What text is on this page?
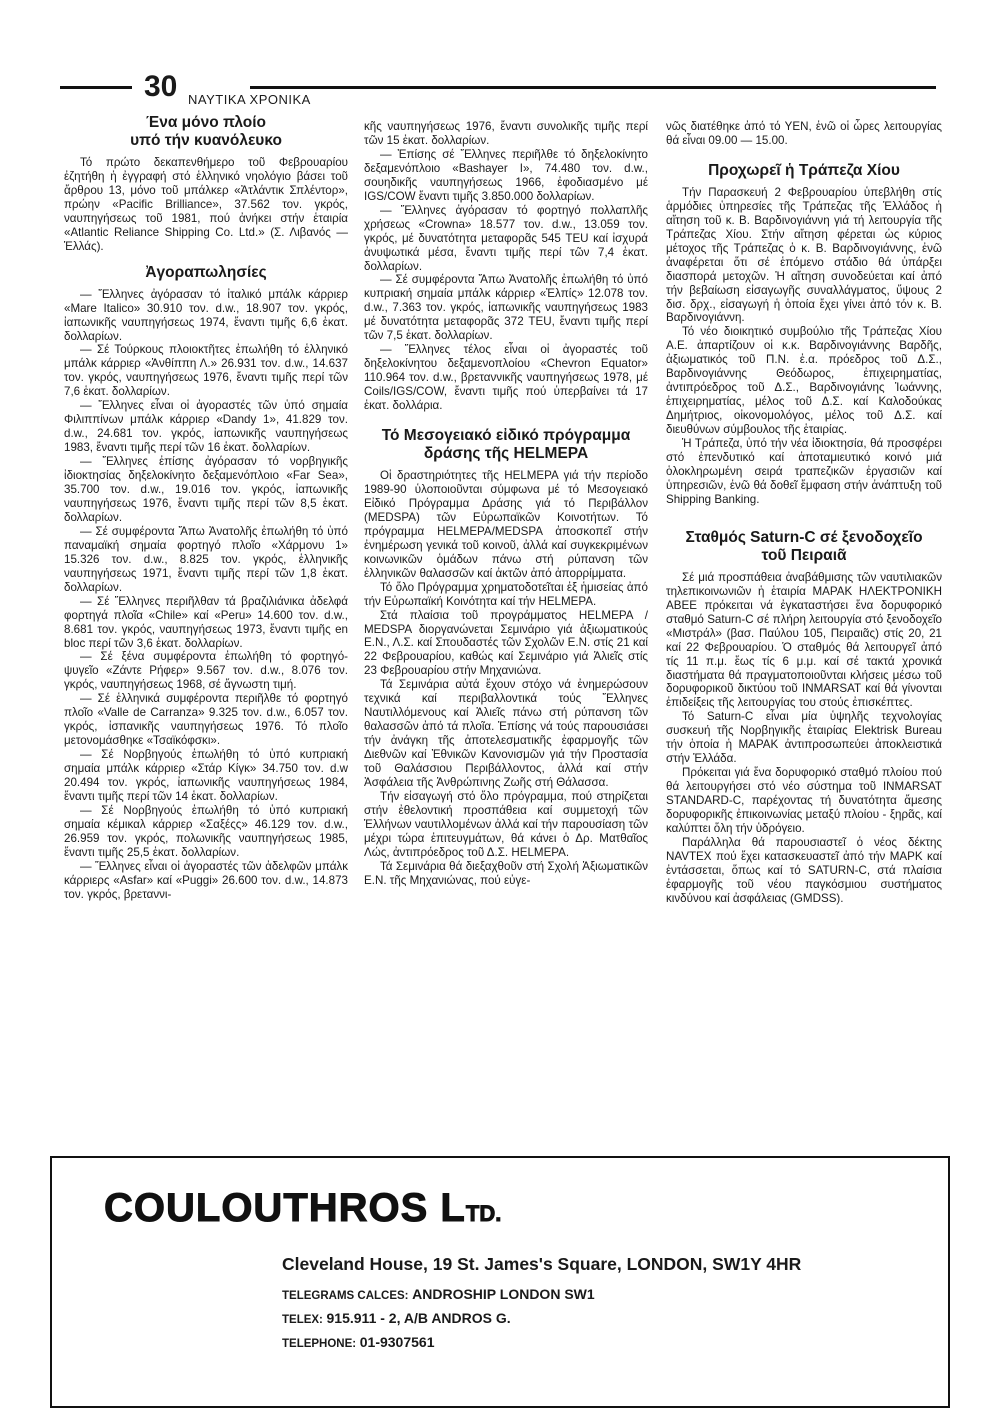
30 ΝΑΥΤΙΚΑ ΧΡΟΝΙΚΑ
Ένα μόνο πλοίο
υπό τήν κυανόλευκο

Τό πρώτο δεκαπενθήμερο τοῦ Φεβρουαρίου ἐζητήθη ἡ ἐγγραφή στό ἑλληνικό νηολόγιο βάσει τοῦ ἄρθρου 13, μόνο τοῦ μπάλκερ «Ἀτλάντικ Σπλέντορ», πρώην «Pacific Brilliance», 37.562 τον. γκρός, ναυπηγήσεως τοῦ 1981, πού ἀνήκει στήν ἑταιρία «Atlantic Reliance Shipping Co. Ltd.» (Σ. Λιβανός — Ἑλλάς).

Ἀγοραπωλησίες

— Ἕλληνες ἀγόρασαν τό ἰταλικό μπάλκ κάρριερ «Mare Italico» 30.910 τον. d.w., 18.907 τον. γκρός, ἰαπωνικῆς ναυπηγήσεως 1974, ἔναντι τιμῆς 6,6 ἑκατ. δολλαρίων.

— Σέ Τούρκους πλοιοκτῆτες ἐπωλήθη τό ἑλληνικό μπάλκ κάρριερ «Ἀνθίππη Λ.» 26.931 τον. d.w., 14.637 τον. γκρός, ναυπηγήσεως 1976, ἔναντι τιμῆς περί τῶν 7,6 ἑκατ. δολλαρίων.

— Ἕλληνες εἶναι οἱ ἀγοραστές τῶν ὑπό σημαία Φιλιππίνων μπάλκ κάρριερ «Dandy 1», 41.829 τον. d.w., 24.681 τον. γκρός, ἰαπωνικῆς ναυπηγήσεως 1983, ἔναντι τιμῆς περί τῶν 16 ἑκατ. δολλαρίων.

— Ἕλληνες ἐπίσης ἀγόρασαν τό νορβηγικῆς ἰδιοκτησίας δηξελοκίνητο δεξαμενόπλοιο «Far Sea», 35.700 τον. d.w., 19.016 τον. γκρός, ἰαπωνικῆς ναυπηγήσεως 1976, ἔναντι τιμῆς περί τῶν 8,5 ἑκατ. δολλαρίων.

— Σέ συμφέροντα Ἄπω Ἀνατολῆς ἐπωλήθη τό ὑπό παναμαϊκή σημαία φορτηγό πλοῖο «Χάρμονυ 1» 15.326 τον. d.w., 8.825 τον. γκρός, ἑλληνικῆς ναυπηγήσεως 1971, ἔναντι τιμῆς περί τῶν 1,8 ἑκατ. δολλαρίων.

— Σέ Ἕλληνες περιῆλθαν τά βραζιλιάνικα ἀδελφά φορτηγά πλοῖα «Chile» καί «Peru» 14.600 τον. d.w., 8.681 τον. γκρός, ναυπηγήσεως 1973, ἔναντι τιμῆς en bloc περί τῶν 3,6 ἑκατ. δολλαρίων.

— Σέ ξένα συμφέροντα ἐπωλήθη τό φορτηγό-ψυγεῖο «Ζάντε Ρήφερ» 9.567 τον. d.w., 8.076 τον. γκρός, ναυπηγήσεως 1968, σέ ἄγνωστη τιμή.

— Σέ ἑλληνικά συμφέροντα περιῆλθε τό φορτηγό πλοῖο «Valle de Carranza» 9.325 τον. d.w., 6.057 τον. γκρός, ἰσπανικῆς ναυπηγήσεως 1976. Τό πλοῖο μετονομάσθηκε «Τσαϊκόφσκι».

— Σέ Νορβηγούς ἐπωλήθη τό ὑπό κυπριακή σημαία μπάλκ κάρριερ «Στάρ Κίγκ» 34.750 τον. d.w 20.494 τον. γκρός, ἰαπωνικῆς ναυπηγήσεως 1984, ἔναντι τιμῆς περί τῶν 14 ἑκατ. δολλαρίων.

— Σέ Νορβηγούς ἐπωλήθη τό ὑπό κυπριακή σημαία κέμικαλ κάρριερ «Σαξέςς» 46.129 τον. d.w., 26.959 τον. γκρός, πολωνικῆς ναυπηγήσεως 1985, ἔναντι τιμῆς 25,5 ἑκατ. δολλαρίων.

— Ἕλληνες εἶναι οἱ ἀγοραστές τῶν ἀδελφῶν μπάλκ κάρριερς «Asfar» καί «Puggi» 26.600 τον. d.w., 14.873 τον. γκρός, βρεταννι-

κῆς ναυπηγήσεως 1976, ἔναντι συνολικῆς τιμῆς περί τῶν 15 ἑκατ. δολλαρίων.

— Ἐπίσης σέ Ἕλληνες περιῆλθε τό δηξελοκίνητο δεξαμενόπλοιο «Bashayer I», 74.480 τον. d.w., σουηδικῆς ναυπηγήσεως 1966, ἐφοδιασμένο μέ IGS/COW ἔναντι τιμῆς 3.850.000 δολλαρίων.

— Ἕλληνες ἀγόρασαν τό φορτηγό πολλαπλῆς χρήσεως «Crowna» 18.577 τον. d.w., 13.059 τον. γκρός, μέ δυνατότητα μεταφορᾶς 545 TEU καί ἰσχυρά ἀνυψωτικά μέσα, ἔναντι τιμῆς περί τῶν 7,4 ἑκατ. δολλαρίων.

— Σέ συμφέροντα Ἄπω Ἀνατολῆς ἐπωλήθη τό ὑπό κυπριακή σημαία μπάλκ κάρριερ «Ἐλπίς» 12.078 τον. d.w., 7.363 τον. γκρός, ἰαπωνικῆς ναυπηγήσεως 1983 μέ δυνατότητα μεταφορᾶς 372 TEU, ἔναντι τιμῆς περί τῶν 7,5 ἑκατ. δολλαρίων.

— Ἕλληνες τέλος εἶναι οἱ ἀγοραστές τοῦ δηξελοκίνητου δεξαμενοπλοίου «Chevron Equator» 110.964 τον. d.w., βρεταννικῆς ναυπηγήσεως 1978, μέ Coils/IGS/COW, ἔναντι τιμῆς πού ὑπερβαίνει τά 17 ἑκατ. δολλάρια.

Τό Μεσογειακό εἰδικό πρόγραμμα
δράσης τῆς HELMEPA

Οἱ δραστηριότητες τῆς HELMEPA γιά τήν περίοδο 1989-90 ὑλοποιοῦνται σύμφωνα μέ τό Μεσογειακό Εἰδικό Πρόγραμμα Δράσης γιά τό Περιβάλλον (MEDSPA) τῶν Εὐρωπαϊκῶν Κοινοτήτων. Τό πρόγραμμα HELMEPA/MEDSPA ἀποσκοπεῖ στήν ἐνημέρωση γενικά τοῦ κοινοῦ, ἀλλά καί συγκεκριμένων κοινωνικῶν ὁμάδων πάνω στή ρύπανση τῶν ἑλληνικῶν θαλασσῶν καί ἀκτῶν ἀπό ἀπορρίμματα.

Τό ὅλο Πρόγραμμα χρηματοδοτεῖται ἐξ ἡμισείας ἀπό τήν Εὐρωπαϊκή Κοινότητα καί τήν HELMEPA.

Στά πλαίσια τοῦ προγράμματος HELMEPA / MEDSPA διοργανώνεται Σεμινάριο γιά ἀξιωματικούς Ε.Ν., Λ.Σ. καί Σπουδαστές τῶν Σχολῶν Ε.Ν. στίς 21 καί 22 Φεβρουαρίου, καθώς καί Σεμινάριο γιά Ἁλιεῖς στίς 23 Φεβρουαρίου στήν Μηχανιώνα.

Τά Σεμινάρια αὐτά ἔχουν στόχο νά ἐνημερώσουν τεχνικά καί περιβαλλοντικά τούς Ἕλληνες Ναυτιλλόμενους καί Ἁλιεῖς πάνω στή ρύπανση τῶν θαλασσῶν ἀπό τά πλοῖα. Ἐπίσης νά τούς παρουσιάσει τήν ἀνάγκη τῆς ἀποτελεσματικῆς ἐφαρμογῆς τῶν Διεθνῶν καί Ἐθνικῶν Κανονισμῶν γιά τήν Προστασία τοῦ Θαλάσσιου Περιβάλλοντος, ἀλλά καί στήν Ἀσφάλεια τῆς Ἀνθρώπινης Ζωῆς στή Θάλασσα.

Τήν εἰσαγωγή στό ὅλο πρόγραμμα, πού στηρίζεται στήν ἐθελοντική προσπάθεια καί συμμετοχή τῶν Ἑλλήνων ναυτιλλομένων ἀλλά καί τήν παρουσίαση τῶν μέχρι τώρα ἐπιτευγμάτων, θά κάνει ὁ Δρ. Ματθαῖος Λώς, ἀντιπρόεδρος τοῦ Δ.Σ. HELMEPA.

Τά Σεμινάρια θά διεξαχθοῦν στή Σχολή Ἀξιωματικῶν Ε.Ν. τῆς Μηχανιώνας, πού εὐγε-

νῶς διατέθηκε ἀπό τό ΥΕΝ, ἐνῶ οἱ ὧρες λειτουργίας θά εἶναι 09.00 — 15.00.

Προχωρεῖ ἡ Τράπεζα Χίου

Τήν Παρασκευή 2 Φεβρουαρίου ὑπεβλήθη στίς ἁρμόδιες ὑπηρεσίες τῆς Τράπεζας τῆς Ἑλλάδος ἡ αἴτηση τοῦ κ. Β. Βαρδινογιάννη γιά τή λειτουργία τῆς Τράπεζας Χίου. Στήν αἴτηση φέρεται ὡς κύριος μέτοχος τῆς Τράπεζας ὁ κ. Β. Βαρδινογιάννης, ἐνῶ ἀναφέρεται ὅτι σέ ἑπόμενο στάδιο θά ὑπάρξει διασπορά μετοχῶν. Ἡ αἴτηση συνοδεύεται καί ἀπό τήν βεβαίωση εἰσαγωγῆς συναλλάγματος, ὕψους 2 δισ. δρχ., εἰσαγωγή ἡ ὁποία ἔχει γίνει ἀπό τόν κ. Β. Βαρδινογιάννη.

Τό νέο διοικητικό συμβούλιο τῆς Τράπεζας Χίου Α.Ε. ἀπαρτίζουν οἱ κ.κ. Βαρδινογιάννης Βαρδῆς, ἀξιωματικός τοῦ Π.Ν. ἐ.α. πρόεδρος τοῦ Δ.Σ., Βαρδινογιάννης Θεόδωρος, ἐπιχειρηματίας, ἀντιπρόεδρος τοῦ Δ.Σ., Βαρδινογιάνης Ἰωάννης, ἐπιχειρηματίας, μέλος τοῦ Δ.Σ. καί Καλοδούκας Δημήτριος, οἰκονομολόγος, μέλος τοῦ Δ.Σ. καί διευθύνων σύμβουλος τῆς ἑταιρίας.

Ἡ Τράπεζα, ὑπό τήν νέα ἰδιοκτησία, θά προσφέρει στό ἐπενδυτικό καί ἀποταμιευτικό κοινό μιά ὁλοκληρωμένη σειρά τραπεζικῶν ἐργασιῶν καί ὑπηρεσιῶν, ἐνῶ θά δοθεῖ ἔμφαση στήν ἀνάπτυξη τοῦ Shipping Banking.

Σταθμός Saturn-C σέ ξενοδοχεῖο
τοῦ Πειραιᾶ

Σέ μιά προσπάθεια ἀναβάθμισης τῶν ναυτιλιακῶν τηλεπικοινωνιῶν ἡ ἑταιρία ΜΑΡΑΚ ΗΛΕΚΤΡΟΝΙΚΗ ΑΒΕΕ πρόκειται νά ἐγκαταστήσει ἕνα δορυφορικό σταθμό Saturn-C σέ πλήρη λειτουργία στό ξενοδοχεῖο «Μιστράλ» (βασ. Παύλου 105, Πειραιᾶς) στίς 20, 21 καί 22 Φεβρουαρίου. Ὁ σταθμός θά λειτουργεῖ ἀπό τίς 11 π.μ. ἕως τίς 6 μ.μ. καί σέ τακτά χρονικά διαστήματα θά πραγματοποιοῦνται κλήσεις μέσω τοῦ δορυφορικοῦ δικτύου τοῦ INMARSAT καί θά γίνονται ἐπιδείξεις τῆς λειτουργίας του στούς ἐπισκέπτες.

Τό Saturn-C εἶναι μία ὑψηλῆς τεχνολογίας συσκευή τῆς Νορβηγικῆς ἑταιρίας Elektrisk Bureau τήν ὁποία ἡ ΜΑΡΑΚ ἀντιπροσωπεύει ἀποκλειστικά στήν Ἑλλάδα.

Πρόκειται γιά ἕνα δορυφορικό σταθμό πλοίου πού θά λειτουργήσει στό νέο σύστημα τοῦ INMARSAT STANDARD-C, παρέχοντας τή δυνατότητα ἄμεσης δορυφορικῆς ἐπικοινωνίας μεταξύ πλοίου - ξηρᾶς, καί καλύπτει ὅλη τήν ὑδρόγειο.

Παράλληλα θά παρουσιαστεῖ ὁ νέος δέκτης NAVTEX πού ἔχει κατασκευαστεῖ ἀπό τήν ΜΑΡΚ καί ἐντάσσεται, ὅπως καί τό SATURN-C, στά πλαίσια ἐφαρμογῆς τοῦ νέου παγκόσμιου συστήματος κινδύνου καί ἀσφάλειας (GMDSS).

COULOUTHROS LTD.
Cleveland House, 19 St. James's Square, LONDON, SW1Y 4HR
TELEGRAMS CALCES: ANDROSHIP LONDON SW1
TELEX: 915.911 - 2, A/B ANDROS G.
TELEPHONE: 01-9307561
